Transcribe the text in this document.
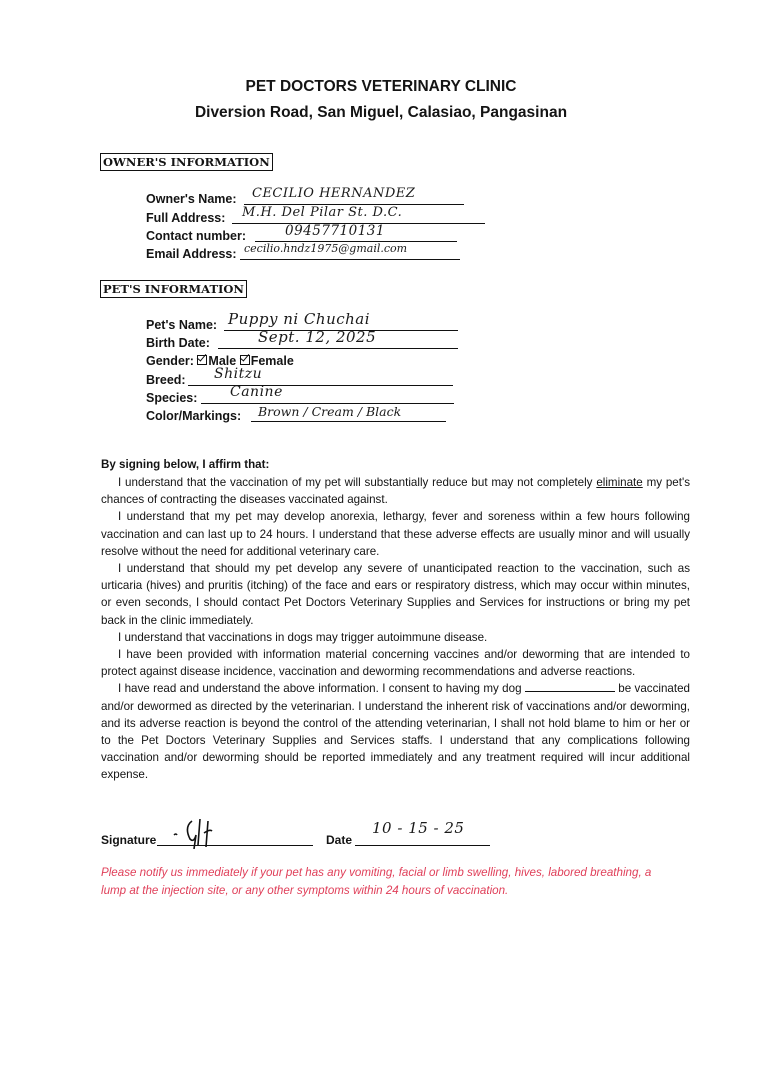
PET DOCTORS VETERINARY CLINIC
Diversion Road, San Miguel, Calasiao, Pangasinan
OWNER'S INFORMATION
Owner's Name: CECILIO HERNANDEZ
Full Address: M.H. Del Pilar St. D.C.
Contact number:	09457710131
Email Address: cecilio.hndz1975@gmail.com
PET'S INFORMATION
Pet's Name: Puppy ni Chuchai
Birth Date:	Sept. 12, 2025
Gender: Male Female
Breed: Shitzu
Species: Canine
Color/Markings: Brown / Cream / Black
By signing below, I affirm that:

I understand that the vaccination of my pet will substantially reduce but may not completely eliminate my pet's chances of contracting the diseases vaccinated against.

I understand that my pet may develop anorexia, lethargy, fever and soreness within a few hours following vaccination and can last up to 24 hours. I understand that these adverse effects are usually minor and will usually resolve without the need for additional veterinary care.

I understand that should my pet develop any severe of unanticipated reaction to the vaccination, such as urticaria (hives) and pruritis (itching) of the face and ears or respiratory distress, which may occur within minutes, or even seconds, I should contact Pet Doctors Veterinary Supplies and Services for instructions or bring my pet back in the clinic immediately.

I understand that vaccinations in dogs may trigger autoimmune disease.

I have been provided with information material concerning vaccines and/or deworming that are intended to protect against disease incidence, vaccination and deworming recommendations and adverse reactions.

I have read and understand the above information. I consent to having my dog	be vaccinated and/or dewormed as directed by the veterinarian. I understand the inherent risk of vaccinations and/or deworming, and its adverse reaction is beyond the control of the attending veterinarian, I shall not hold blame to him or her or to the Pet Doctors Veterinary Supplies and Services staffs. I understand that any complications following vaccination and/or deworming should be reported immediately and any treatment required will incur additional expense.

Signature	Date
10 - 15 - 25
Please notify us immediately if your pet has any vomiting, facial or limb swelling, hives, labored breathing, a lump at the injection site, or any other symptoms within 24 hours of vaccination.
